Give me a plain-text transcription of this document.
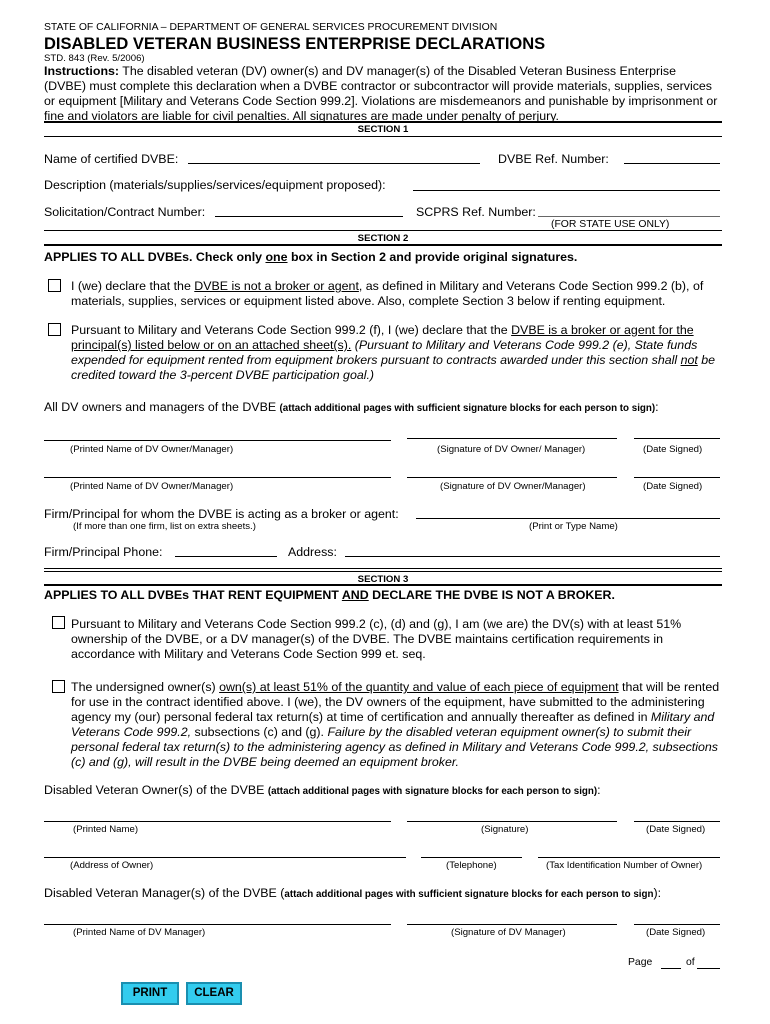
STATE OF CALIFORNIA – DEPARTMENT OF GENERAL SERVICES PROCUREMENT DIVISION
DISABLED VETERAN BUSINESS ENTERPRISE DECLARATIONS
STD. 843 (Rev. 5/2006)
Instructions: The disabled veteran (DV) owner(s) and DV manager(s) of the Disabled Veteran Business Enterprise
(DVBE) must complete this declaration when a DVBE contractor or subcontractor will provide materials, supplies, services
or equipment [Military and Veterans Code Section 999.2]. Violations are misdemeanors and punishable by imprisonment or
fine and violators are liable for civil penalties. All signatures are made under penalty of perjury.
SECTION 1
Name of certified DVBE:	DVBE Ref. Number:
Description (materials/supplies/services/equipment proposed):
Solicitation/Contract Number:	SCPRS Ref. Number:
(FOR STATE USE ONLY)
SECTION 2
APPLIES TO ALL DVBEs. Check only one box in Section 2 and provide original signatures.
I (we) declare that the DVBE is not a broker or agent, as defined in Military and Veterans Code Section 999.2 (b), of
materials, supplies, services or equipment listed above. Also, complete Section 3 below if renting equipment.
Pursuant to Military and Veterans Code Section 999.2 (f), I (we) declare that the DVBE is a broker or agent for the
principal(s) listed below or on an attached sheet(s). (Pursuant to Military and Veterans Code 999.2 (e), State funds
expended for equipment rented from equipment brokers pursuant to contracts awarded under this section shall not be
credited toward the 3-percent DVBE participation goal.)
All DV owners and managers of the DVBE (attach additional pages with sufficient signature blocks for each person to sign):
(Printed Name of DV Owner/Manager)	(Signature of DV Owner/ Manager)	(Date Signed)
(Printed Name of DV Owner/Manager)	(Signature of DV Owner/Manager)	(Date Signed)
Firm/Principal for whom the DVBE is acting as a broker or agent:
(If more than one firm, list on extra sheets.)	(Print or Type Name)
Firm/Principal Phone:	Address:
SECTION 3
APPLIES TO ALL DVBEs THAT RENT EQUIPMENT AND DECLARE THE DVBE IS NOT A BROKER.
Pursuant to Military and Veterans Code Section 999.2 (c), (d) and (g), I am (we are) the DV(s) with at least 51%
ownership of the DVBE, or a DV manager(s) of the DVBE. The DVBE maintains certification requirements in
accordance with Military and Veterans Code Section 999 et. seq.
The undersigned owner(s) own(s) at least 51% of the quantity and value of each piece of equipment that will be rented
for use in the contract identified above. I (we), the DV owners of the equipment, have submitted to the administering
agency my (our) personal federal tax return(s) at time of certification and annually thereafter as defined in Military and
Veterans Code 999.2, subsections (c) and (g). Failure by the disabled veteran equipment owner(s) to submit their
personal federal tax return(s) to the administering agency as defined in Military and Veterans Code 999.2, subsections
(c) and (g), will result in the DVBE being deemed an equipment broker.
Disabled Veteran Owner(s) of the DVBE (attach additional pages with signature blocks for each person to sign):
(Printed Name)	(Signature)	(Date Signed)
(Address of Owner)	(Telephone)	(Tax Identification Number of Owner)
Disabled Veteran Manager(s) of the DVBE (attach additional pages with sufficient signature blocks for each person to sign):
(Printed Name of DV Manager)	(Signature of DV Manager)	(Date Signed)
Page	of
PRINT	CLEAR
